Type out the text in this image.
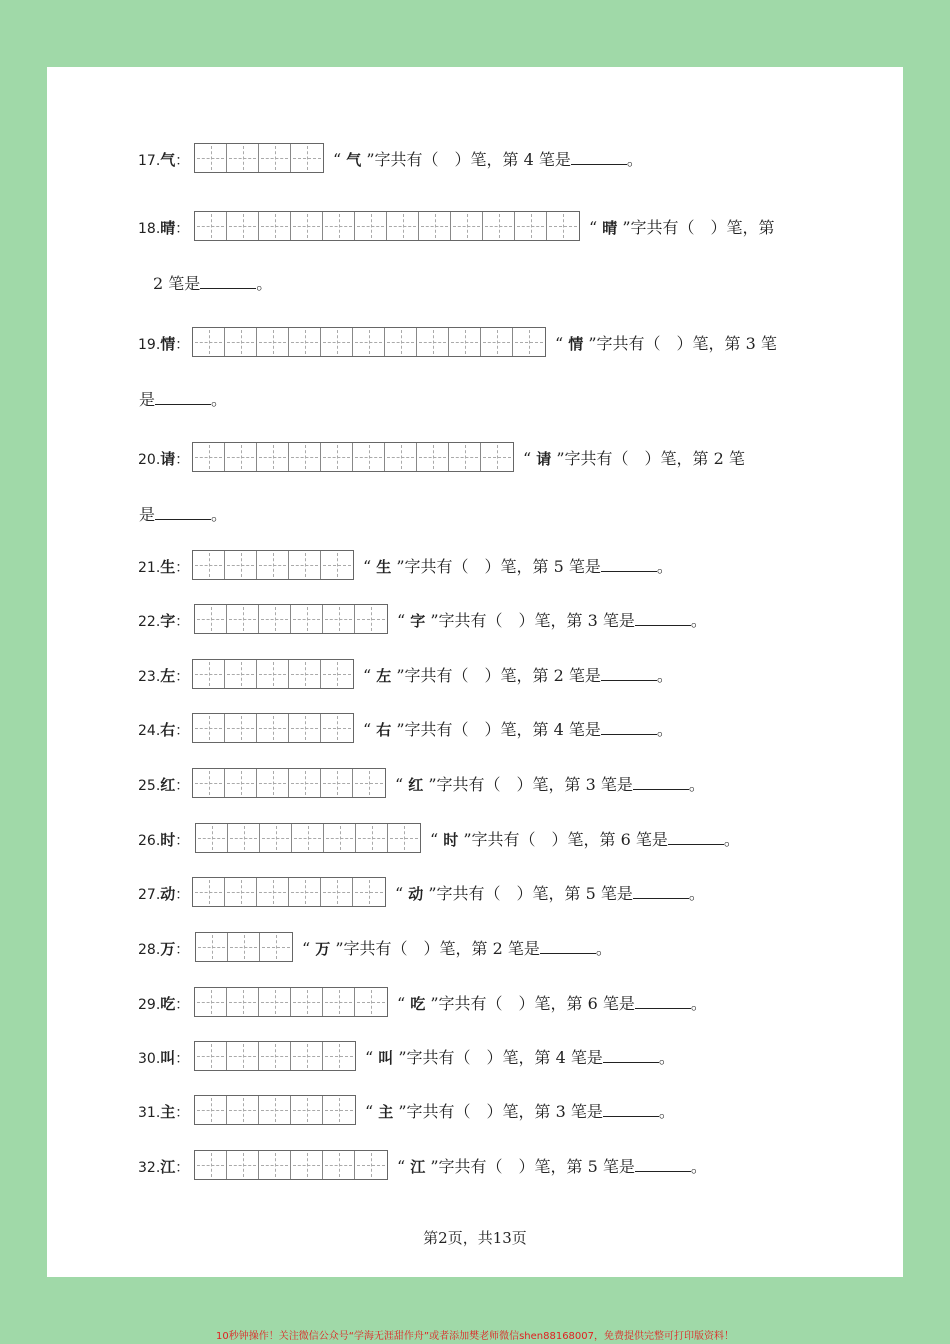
17.气：	“ 气 ”字共有（　）笔，第 4 笔是	。
18.晴：	“ 晴 ”字共有（　）笔，第
19.情：	“ 情 ”字共有（　）笔，第 3 笔
20.请：	“ 请 ”字共有（　）笔，第 2 笔
21.生：	“ 生 ”字共有（　）笔，第 5 笔是	。
22.字：	“ 字 ”字共有（　）笔，第 3 笔是	。
23.左：	“ 左 ”字共有（　）笔，第 2 笔是	。
24.右：	“ 右 ”字共有（　）笔，第 4 笔是	。
25.红：	“ 红 ”字共有（　）笔，第 3 笔是	。
26.时：	“ 时 ”字共有（　）笔，第 6 笔是	。
27.动：	“ 动 ”字共有（　）笔，第 5 笔是	。
28.万：	“ 万 ”字共有（　）笔，第 2 笔是	。
29.吃：	“ 吃 ”字共有（　）笔，第 6 笔是	。
30.叫：	“ 叫 ”字共有（　）笔，第 4 笔是	。
31.主：	“ 主 ”字共有（　）笔，第 3 笔是	。
32.江：	“ 江 ”字共有（　）笔，第 5 笔是	。
第2页，共13页
2 笔是	。
是	。
是	。
10秒钟操作！关注微信公众号“学海无涯甜作舟”或者添加樊老师微信shen88168007，免费提供完整可打印版资料！
